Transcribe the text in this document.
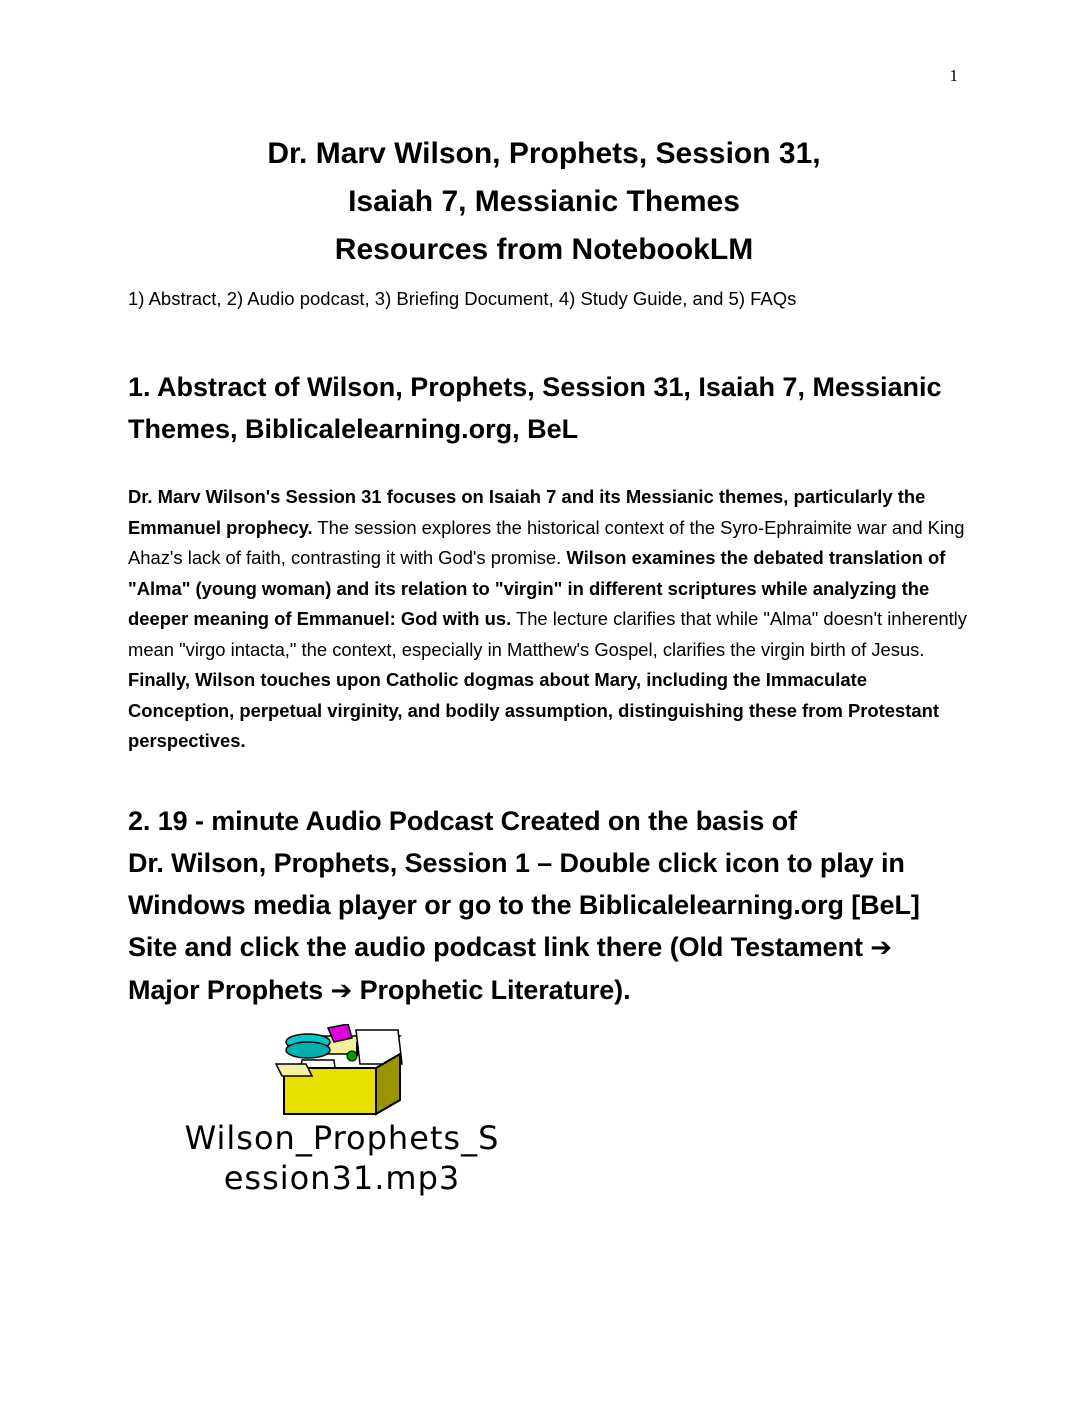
1
Dr. Marv Wilson, Prophets, Session 31,
Isaiah 7, Messianic Themes
Resources from NotebookLM
1) Abstract, 2) Audio podcast, 3) Briefing Document, 4) Study Guide, and 5) FAQs
1. Abstract of Wilson, Prophets, Session 31, Isaiah 7, Messianic Themes, Biblicalelearning.org, BeL
Dr. Marv Wilson's Session 31 focuses on Isaiah 7 and its Messianic themes, particularly the Emmanuel prophecy. The session explores the historical context of the Syro-Ephraimite war and King Ahaz's lack of faith, contrasting it with God's promise. Wilson examines the debated translation of "Alma" (young woman) and its relation to "virgin" in different scriptures while analyzing the deeper meaning of Emmanuel: God with us. The lecture clarifies that while "Alma" doesn't inherently mean "virgo intacta," the context, especially in Matthew's Gospel, clarifies the virgin birth of Jesus. Finally, Wilson touches upon Catholic dogmas about Mary, including the Immaculate Conception, perpetual virginity, and bodily assumption, distinguishing these from Protestant perspectives.
2. 19 - minute Audio Podcast Created on the basis of
Dr. Wilson, Prophets, Session 1 – Double click icon to play in Windows media player or go to the Biblicalelearning.org [BeL] Site and click the audio podcast link there (Old Testament ➔ Major Prophets ➔ Prophetic Literature).
Wilson_Prophets_S
ession31.mp3
